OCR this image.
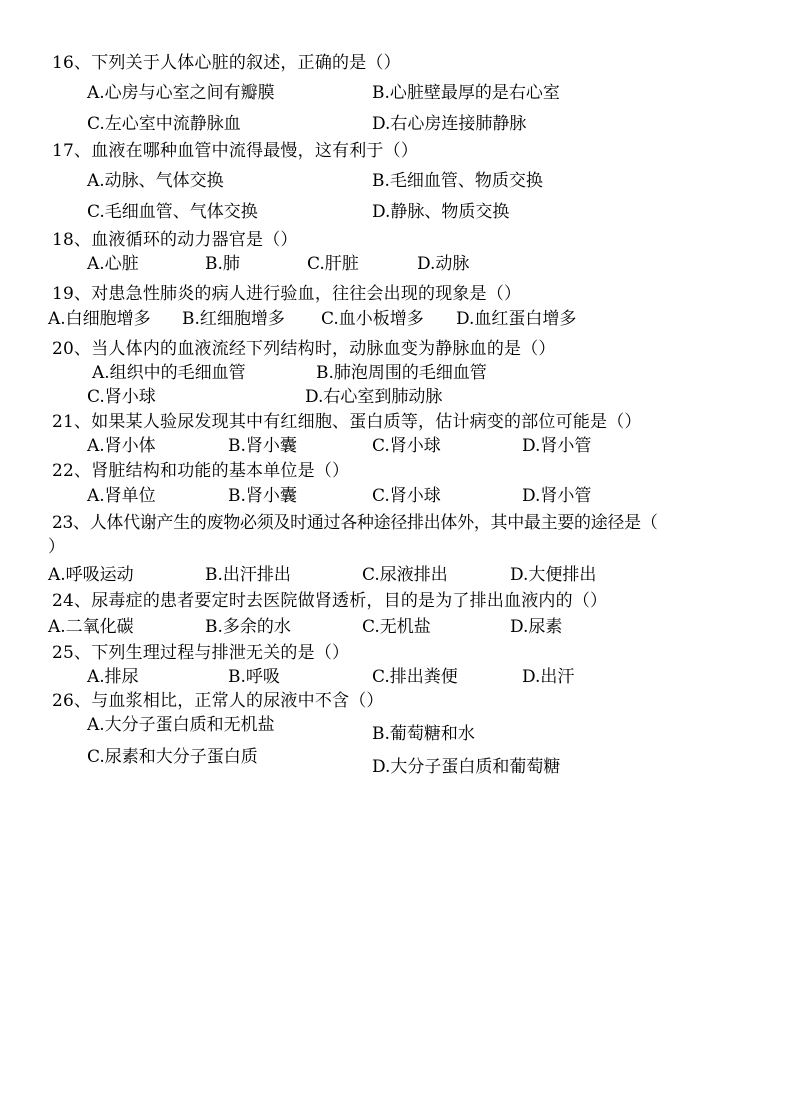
16、下列关于人体心脏的叙述，正确的是（）
A.心房与心室之间有瓣膜	B.心脏壁最厚的是右心室
C.左心室中流静脉血	D.右心房连接肺静脉
17、血液在哪种血管中流得最慢，这有利于（）
A.动脉、气体交换	B.毛细血管、物质交换
C.毛细血管、气体交换	D.静脉、物质交换
18、血液循环的动力器官是（）
A.心脏	B.肺	C.肝脏	D.动脉
19、对患急性肺炎的病人进行验血，往往会出现的现象是（）
A.白细胞增多 B.红细胞增多 C.血小板增多 D.血红蛋白增多
20、当人体内的血液流经下列结构时，动脉血变为静脉血的是（）
A.组织中的毛细血管	B.肺泡周围的毛细血管
C.肾小球	D.右心室到肺动脉
21、如果某人验尿发现其中有红细胞、蛋白质等，估计病变的部位可能是（）
A.肾小体	B.肾小囊	C.肾小球	D.肾小管
22、肾脏结构和功能的基本单位是（）
A.肾单位	B.肾小囊	C.肾小球	D.肾小管
23、人体代谢产生的废物必须及时通过各种途径排出体外，其中最主要的途径是（
）
A.呼吸运动	B.出汗排出	C.尿液排出	D.大便排出
24、尿毒症的患者要定时去医院做肾透析，目的是为了排出血液内的（）
A.二氧化碳	B.多余的水	C.无机盐	D.尿素
25、下列生理过程与排泄无关的是（）
A.排尿	B.呼吸	C.排出粪便	D.出汗
26、与血浆相比，正常人的尿液中不含（）
A.大分子蛋白质和无机盐	B.葡萄糖和水
C.尿素和大分子蛋白质	D.大分子蛋白质和葡萄糖
